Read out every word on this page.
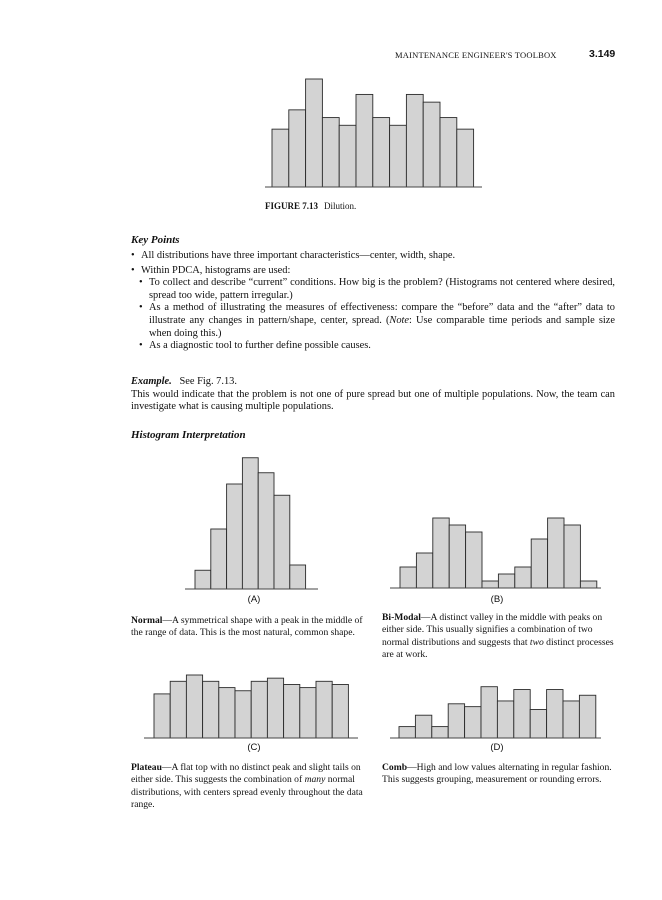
MAINTENANCE ENGINEER'S TOOLBOX	3.149
FIGURE 7.13 Dilution.
Key Points
• All distributions have three important characteristics—center, width, shape.
• Within PDCA, histograms are used:
• To collect and describe “current” conditions. How big is the problem? (Histograms not centered where desired, spread too wide, pattern irregular.)
• As a method of illustrating the measures of effectiveness: compare the “before” data and the “after” data to illustrate any changes in pattern/shape, center, spread. (Note: Use comparable time periods and sample size when doing this.)
• As a diagnostic tool to further define possible causes.
Example. See Fig. 7.13.
This would indicate that the problem is not one of pure spread but one of multiple populations. Now, the team can investigate what is causing multiple populations.
Histogram Interpretation
(A)
Normal—A symmetrical shape with a peak in the middle of the range of data. This is the most natural, common shape.
(B)
Bi-Modal—A distinct valley in the middle with peaks on either side. This usually signifies a combination of two normal distributions and suggests that two distinct processes are at work.
(C)
Plateau—A flat top with no distinct peak and slight tails on either side. This suggests the combination of many normal distributions, with centers spread evenly throughout the data range.
(D)
Comb—High and low values alternating in regular fashion. This suggests grouping, measurement or rounding errors.
